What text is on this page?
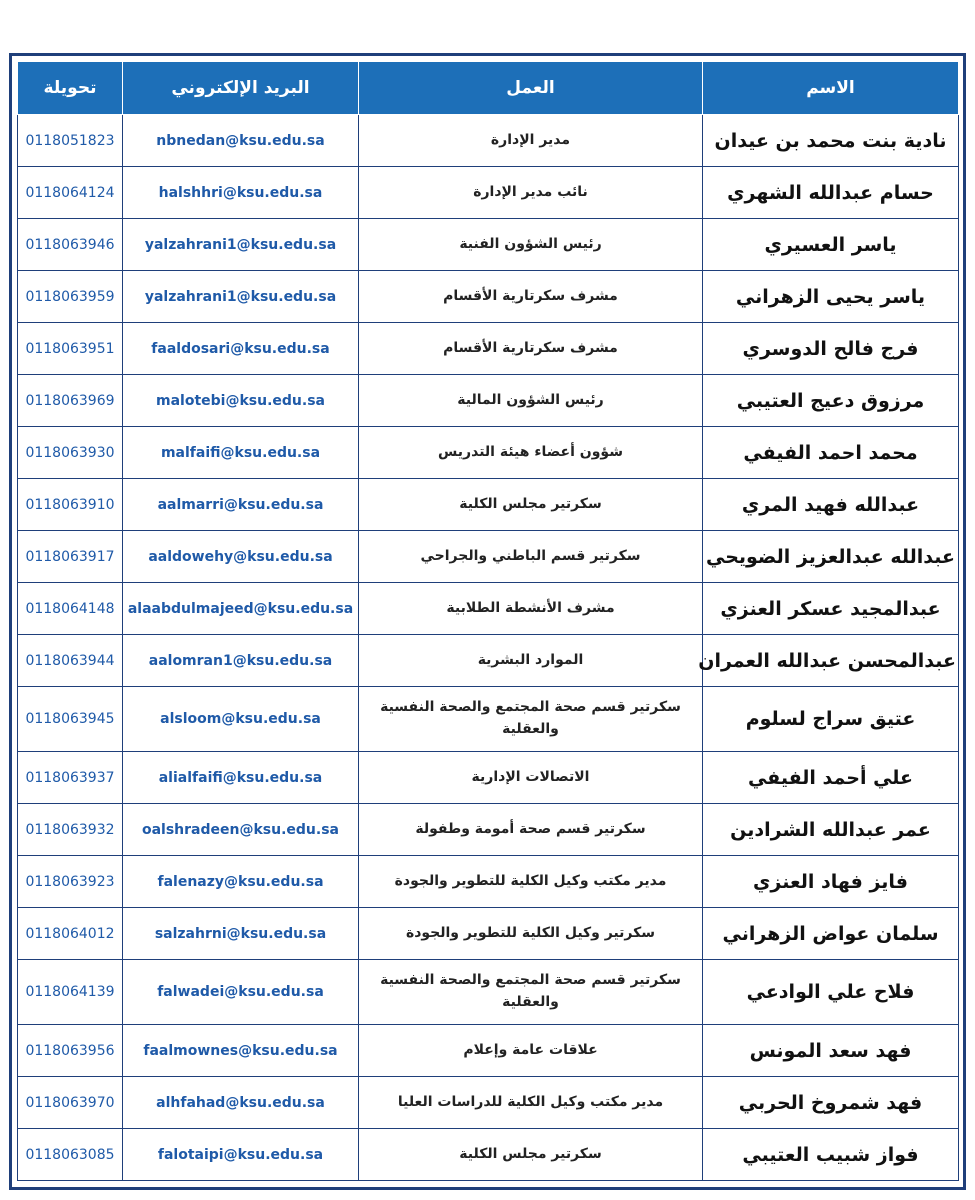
تحويلة	البريد الإلكتروني	العمل	الاسم
0118051823	nbnedan@ksu.edu.sa	مدير الإدارة	نادية بنت محمد بن عيدان
0118064124	halshhri@ksu.edu.sa	نائب مدير الإدارة	حسام عبدالله الشهري
0118063946	yalzahrani1@ksu.edu.sa	رئيس الشؤون الفنية	ياسر العسيري
0118063959	yalzahrani1@ksu.edu.sa	مشرف سكرتارية الأقسام	ياسر يحيى الزهراني
0118063951	faaldosari@ksu.edu.sa	مشرف سكرتارية الأقسام	فرج فالح الدوسري
0118063969	malotebi@ksu.edu.sa	رئيس الشؤون المالية	مرزوق دعيج العتيبي
0118063930	malfaifi@ksu.edu.sa	شؤون أعضاء هيئة التدريس	محمد احمد الفيفي
0118063910	aalmarri@ksu.edu.sa	سكرتير مجلس الكلية	عبدالله فهيد المري
0118063917	aaldowehy@ksu.edu.sa	سكرتير قسم الباطني والجراحي	عبدالله عبدالعزيز الضويحي
0118064148	alaabdulmajeed@ksu.edu.sa	مشرف الأنشطة الطلابية	عبدالمجيد عسكر العنزي
0118063944	aalomran1@ksu.edu.sa	الموارد البشرية	عبدالمحسن عبدالله العمران
0118063945	alsloom@ksu.edu.sa	سكرتير قسم صحة المجتمع والصحة النفسية والعقلية	عتيق سراج لسلوم
0118063937	alialfaifi@ksu.edu.sa	الاتصالات الإدارية	علي أحمد الفيفي
0118063932	oalshradeen@ksu.edu.sa	سكرتير قسم صحة أمومة وطفولة	عمر عبدالله الشرادين
0118063923	falenazy@ksu.edu.sa	مدير مكتب وكيل الكلية للتطوير والجودة	فايز فهاد العنزي
0118064012	salzahrni@ksu.edu.sa	سكرتير وكيل الكلية للتطوير والجودة	سلمان عواض الزهراني
0118064139	falwadei@ksu.edu.sa	سكرتير قسم صحة المجتمع والصحة النفسية والعقلية	فلاح علي الوادعي
0118063956	faalmownes@ksu.edu.sa	علاقات عامة وإعلام	فهد سعد المونس
0118063970	alhfahad@ksu.edu.sa	مدير مكتب وكيل الكلية للدراسات العليا	فهد شمروخ الحربي
0118063085	falotaipi@ksu.edu.sa	سكرتير مجلس الكلية	فواز شبيب العتيبي
